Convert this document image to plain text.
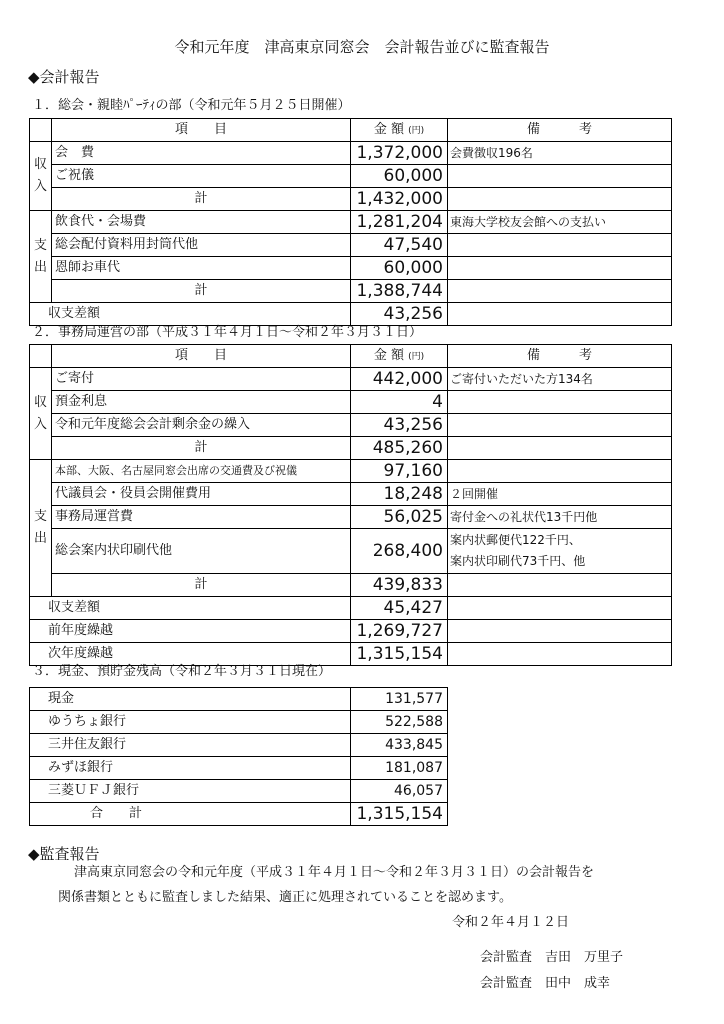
令和元年度　津高東京同窓会　会計報告並びに監査報告
◆会計報告
１．総会・親睦ﾊﾟｰﾃｨの部（令和元年５月２５日開催）
	項　　目	金 額 (円)	備　　　考

収
入	会　費	1,372,000	会費徴収196名
	ご祝儀	60,000	
	計	1,432,000	

支
出	飲食代・会場費	1,281,204	東海大学校友会館への支払い
	総会配付資料用封筒代他	47,540	
	恩師お車代	60,000	
	計	1,388,744	
収支差額		43,256	
２．事務局運営の部（平成３１年４月１日～令和２年３月３１日）
	項　　目	金 額 (円)	備　　　考

収
入	ご寄付	442,000	ご寄付いただいた方134名
	預金利息	4	
	令和元年度総会会計剰余金の繰入	43,256	
	計	485,260	

支
出	本部、大阪、名古屋同窓会出席の交通費及び祝儀	97,160	
	代議員会・役員会開催費用	18,248	２回開催
	事務局運営費	56,025	寄付金への礼状代13千円他
	総会案内状印刷代他	268,400	案内状郵便代122千円、
案内状印刷代73千円、他

	計	439,833	
収支差額		45,427	
前年度繰越		1,269,727	
次年度繰越		1,315,154	
３．現金、預貯金残高（令和２年３月３１日現在）
現金	131,577
ゆうちょ銀行	522,588
三井住友銀行	433,845
みずほ銀行	181,087
三菱ＵＦＪ銀行	46,057
合　　計	1,315,154
◆監査報告
津高東京同窓会の令和元年度（平成３１年４月１日～令和２年３月３１日）の会計報告を
関係書類とともに監査しました結果、適正に処理されていることを認めます。
令和２年４月１２日
会計監査　吉田　万里子
会計監査　田中　成幸
